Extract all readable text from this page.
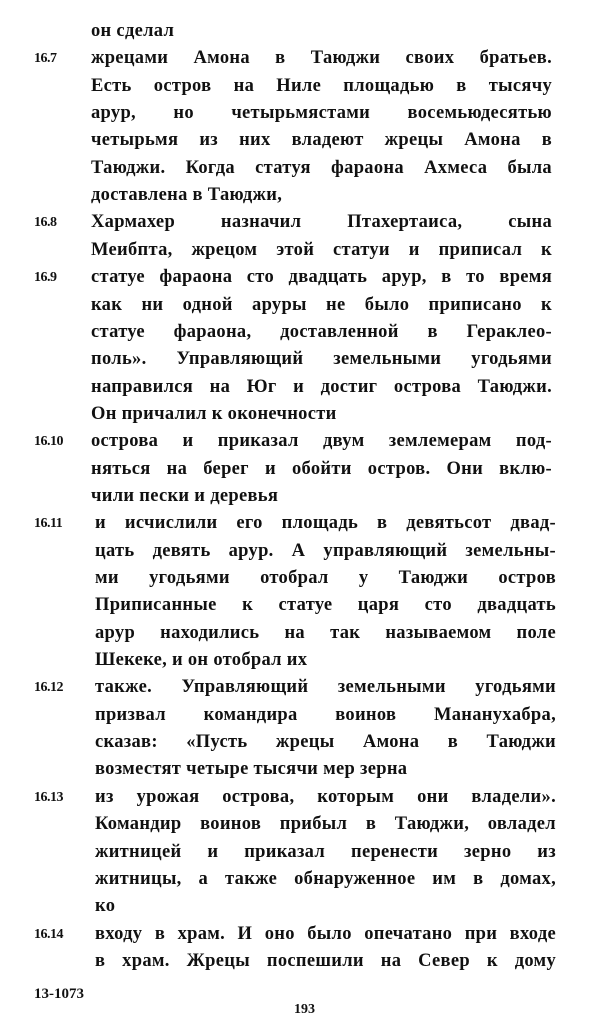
он сделал
16.7	жрецами Амона в Таюджи своих братьев.
Есть остров на Ниле площадью в тысячу
арур, но четырьмястами восемьюдесятью
четырьмя из них владеют жрецы Амона в
Таюджи. Когда статуя фараона Ахмеса была
доставлена в Таюджи,
16.8	Хармахер назначил Птахертаиса, сына
Меибпта, жрецом этой статуи и приписал к
16.9	статуе фараона сто двадцать арур, в то время
как ни одной аруры не было приписано к
статуе фараона, доставленной в Гераклео-
поль». Управляющий земельными угодьями
направился на Юг и достиг острова Таюджи.
Он причалил к оконечности
16.10	острова и приказал двум землемерам под-
няться на берег и обойти остров. Они вклю-
чили пески и деревья
16.11	и исчислили его площадь в девятьсот двад-
цать девять арур. А управляющий земельны-
ми угодьями отобрал у Таюджи остров
Приписанные к статуе царя сто двадцать
арур находились на так называемом поле
Шекеке, и он отобрал их
16.12	также. Управляющий земельными угодьями
призвал командира воинов Манануxабра,
сказав: «Пусть жрецы Амона в Таюджи
возместят четыре тысячи мер зерна
16.13	из урожая острова, которым они владели».
Командир воинов прибыл в Таюджи, овладел
житницей и приказал перенести зерно из
житницы, а также обнаруженное им в домах,
ко
16.14	входу в храм. И оно было опечатано при входе
в храм. Жрецы поспешили на Север к дому
13-1073
193
